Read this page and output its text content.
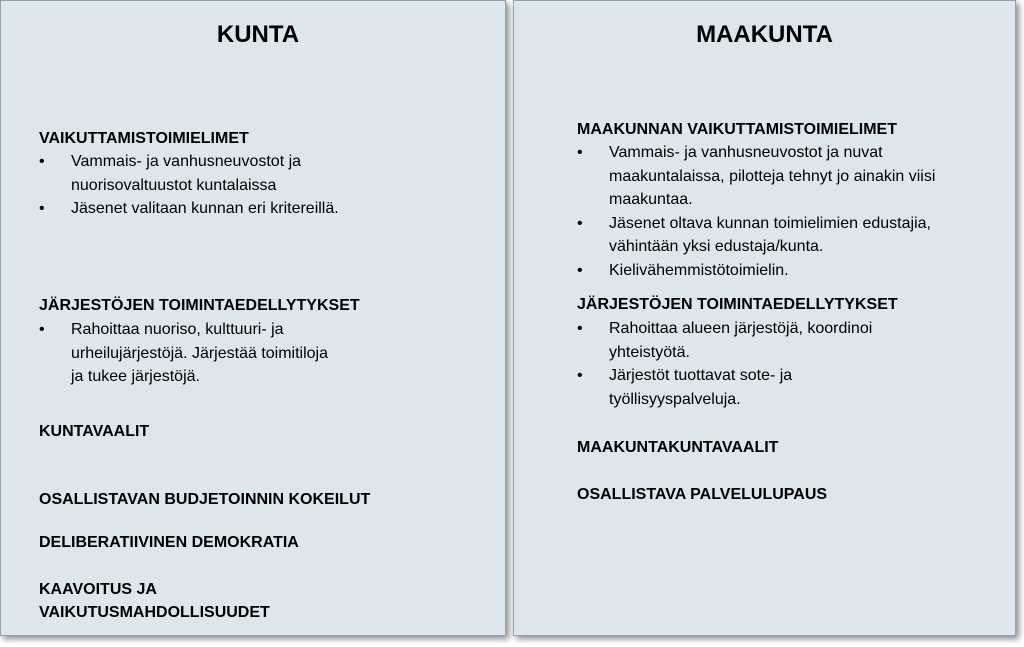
KUNTA
VAIKUTTAMISTOIMIELIMET
• Vammais- ja vanhusneuvostot ja nuorisovaltuustot kuntalaissa
• Jäsenet valitaan kunnan eri kritereillä.
JÄRJESTÖJEN TOIMINTAEDELLYTYKSET
• Rahoittaa nuoriso, kulttuuri- ja urheilujärjestöjä. Järjestää toimitiloja ja tukee järjestöjä.
KUNTAVAALIT
OSALLISTAVAN BUDJETOINNIN KOKEILUT
DELIBERATIIVINEN DEMOKRATIA
KAAVOITUS JA
VAIKUTUSMAHDOLLISUUDET
MAAKUNTA
MAAKUNNAN VAIKUTTAMISTOIMIELIMET
• Vammais- ja vanhusneuvostot ja nuvat maakuntalaissa, pilotteja tehnyt jo ainakin viisi maakuntaa.
• Jäsenet oltava kunnan toimielimien edustajia, vähintään yksi edustaja/kunta.
• Kielivähemmistötoimielin.
JÄRJESTÖJEN TOIMINTAEDELLYTYKSET
• Rahoittaa alueen järjestöjä, koordinoi yhteistyötä.
• Järjestöt tuottavat sote- ja työllisyyspalveluja.
MAAKUNTAKUNTAVAALIT
OSALLISTAVA PALVELULUPAUS
